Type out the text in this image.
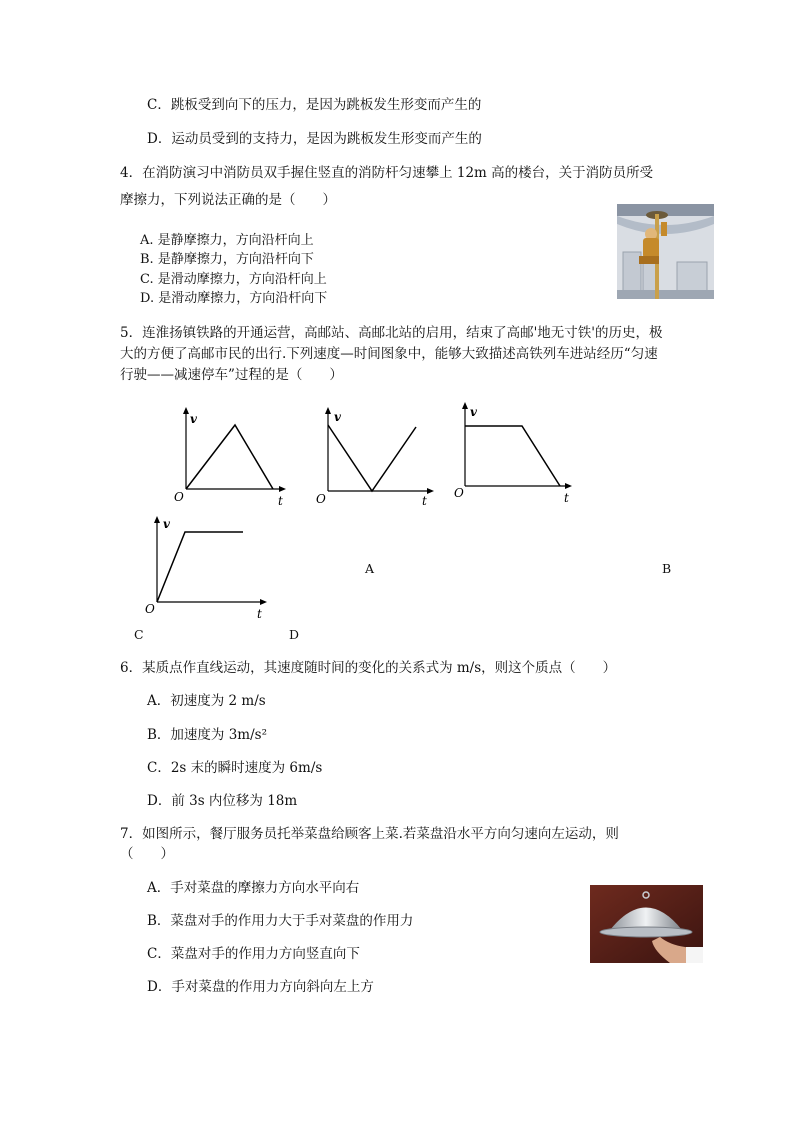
C．跳板受到向下的压力，是因为跳板发生形变而产生的
D．运动员受到的支持力，是因为跳板发生形变而产生的
4．在消防演习中消防员双手握住竖直的消防杆匀速攀上 12m 高的楼台，关于消防员所受
摩擦力，下列说法正确的是（　　）
A. 是静摩擦力，方向沿杆向上
B. 是静摩擦力，方向沿杆向下
C. 是滑动摩擦力，方向沿杆向上
D. 是滑动摩擦力，方向沿杆向下
5．连淮扬镇铁路的开通运营，高邮站、高邮北站的启用，结束了高邮'地无寸铁'的历史，极
大的方便了高邮市民的出行.下列速度—时间图象中，能够大致描述高铁列车进站经历“匀速
行驶——减速停车”过程的是（　　）
v
O	t
v
O	t
v
O	t
v
O	t
A	B
C	D
6．某质点作直线运动，其速度随时间的变化的关系式为 m/s，则这个质点（　　）
A．初速度为 2 m/s
B．加速度为 3m/s²
C．2s 末的瞬时速度为 6m/s
D．前 3s 内位移为 18m
7．如图所示，餐厅服务员托举菜盘给顾客上菜.若菜盘沿水平方向匀速向左运动，则
（　　）
A．手对菜盘的摩擦力方向水平向右
B．菜盘对手的作用力大于手对菜盘的作用力
C．菜盘对手的作用力方向竖直向下
D．手对菜盘的作用力方向斜向左上方
